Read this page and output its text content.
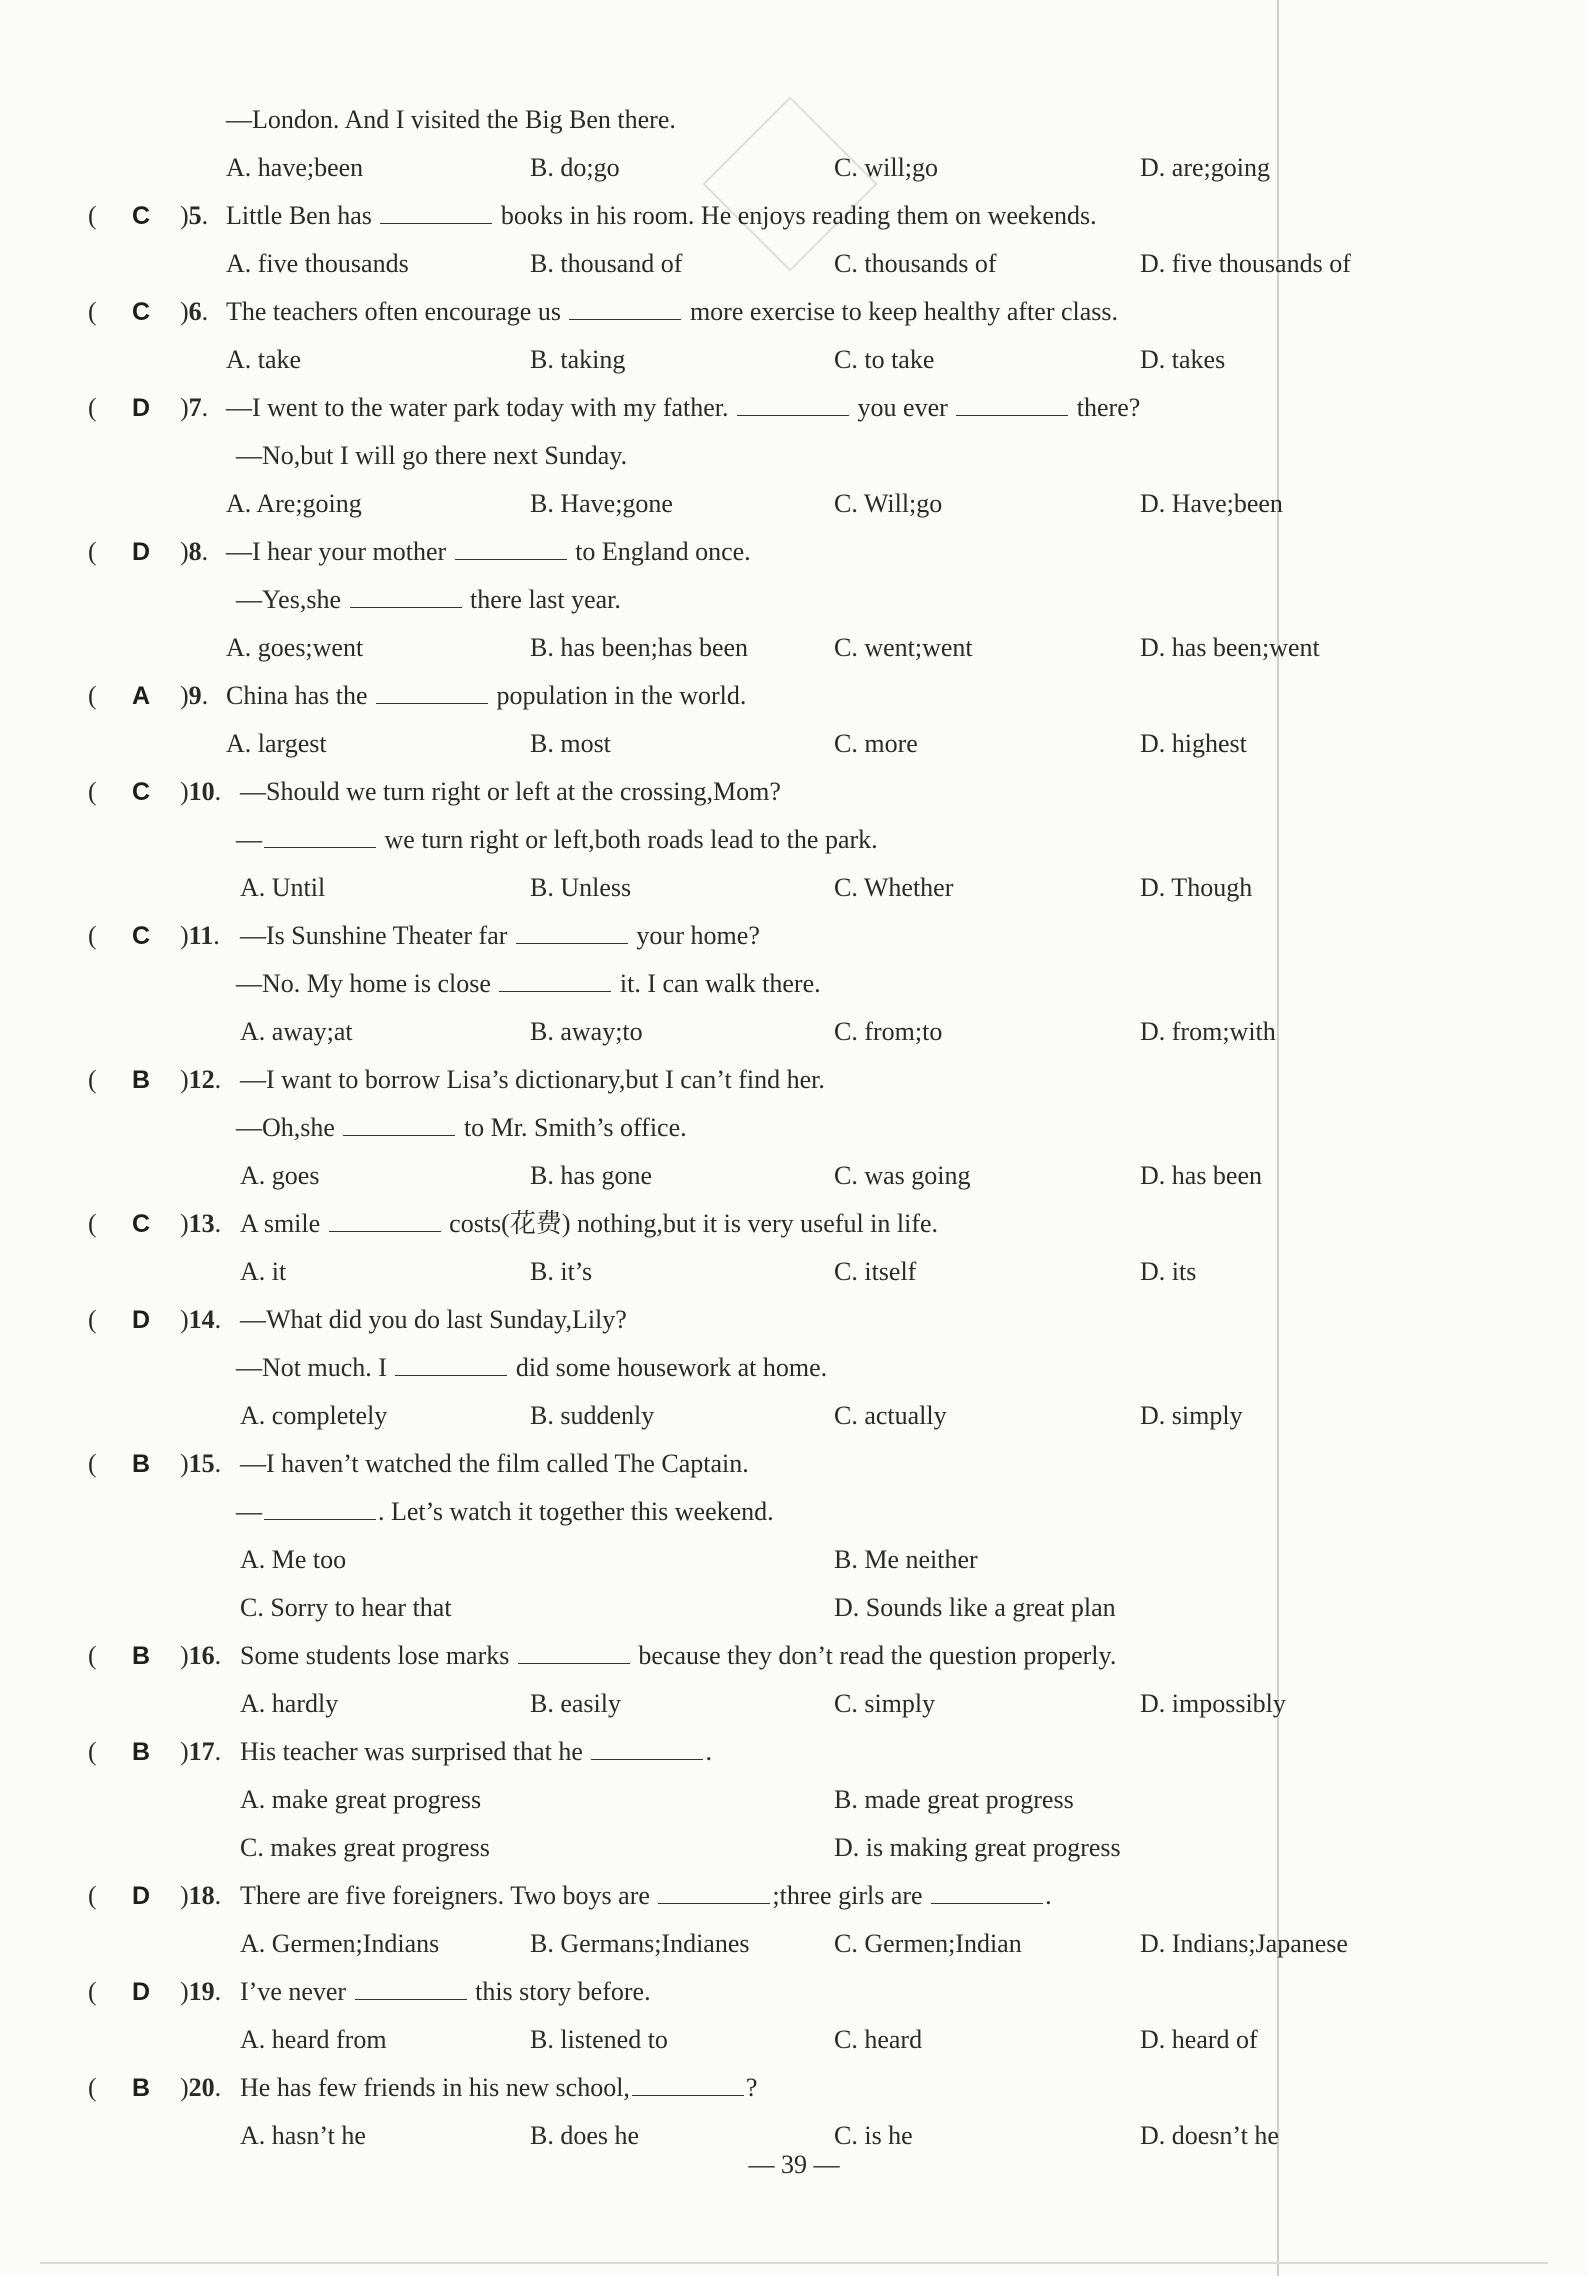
—London. And I visited the Big Ben there.
A. have;been	B. do;go	C. will;go	D. are;going
( C )5. Little Ben has	books in his room. He enjoys reading them on weekends.
A. five thousands	B. thousand of	C. thousands of	D. five thousands of
( C )6. The teachers often encourage us	more exercise to keep healthy after class.
A. take	B. taking	C. to take	D. takes
( D )7. —I went to the water park today with my father.	you ever	there?
—No,but I will go there next Sunday.
A. Are;going	B. Have;gone	C. Will;go	D. Have;been
( D )8. —I hear your mother	to England once.
—Yes,she	there last year.
A. goes;went	B. has been;has been	C. went;went	D. has been;went
( A )9. China has the	population in the world.
A. largest	B. most	C. more	D. highest
( C )10. —Should we turn right or left at the crossing,Mom?
—	we turn right or left,both roads lead to the park.
A. Until	B. Unless	C. Whether	D. Though
( C )11. —Is Sunshine Theater far	your home?
—No. My home is close	it. I can walk there.
A. away;at	B. away;to	C. from;to	D. from;with
( B )12. —I want to borrow Lisa’s dictionary,but I can’t find her.
—Oh,she	to Mr. Smith’s office.
A. goes	B. has gone	C. was going	D. has been
( C )13. A smile	costs(花费) nothing,but it is very useful in life.
A. it	B. it’s	C. itself	D. its
( D )14. —What did you do last Sunday,Lily?
—Not much. I	did some housework at home.
A. completely	B. suddenly	C. actually	D. simply
( B )15. —I haven’t watched the film called The Captain.
—	. Let’s watch it together this weekend.
A. Me too	B. Me neither
C. Sorry to hear that	D. Sounds like a great plan
( B )16. Some students lose marks	because they don’t read the question properly.
A. hardly	B. easily	C. simply	D. impossibly
( B )17. His teacher was surprised that he	.
A. make great progress	B. made great progress
C. makes great progress	D. is making great progress
( D )18. There are five foreigners. Two boys are	;three girls are	.
A. Germen;Indians	B. Germans;Indianes	C. Germen;Indian	D. Indians;Japanese
( D )19. I’ve never	this story before.
A. heard from	B. listened to	C. heard	D. heard of
( B )20. He has few friends in his new school,	?
A. hasn’t he	B. does he	C. is he	D. doesn’t he
— 39 —
